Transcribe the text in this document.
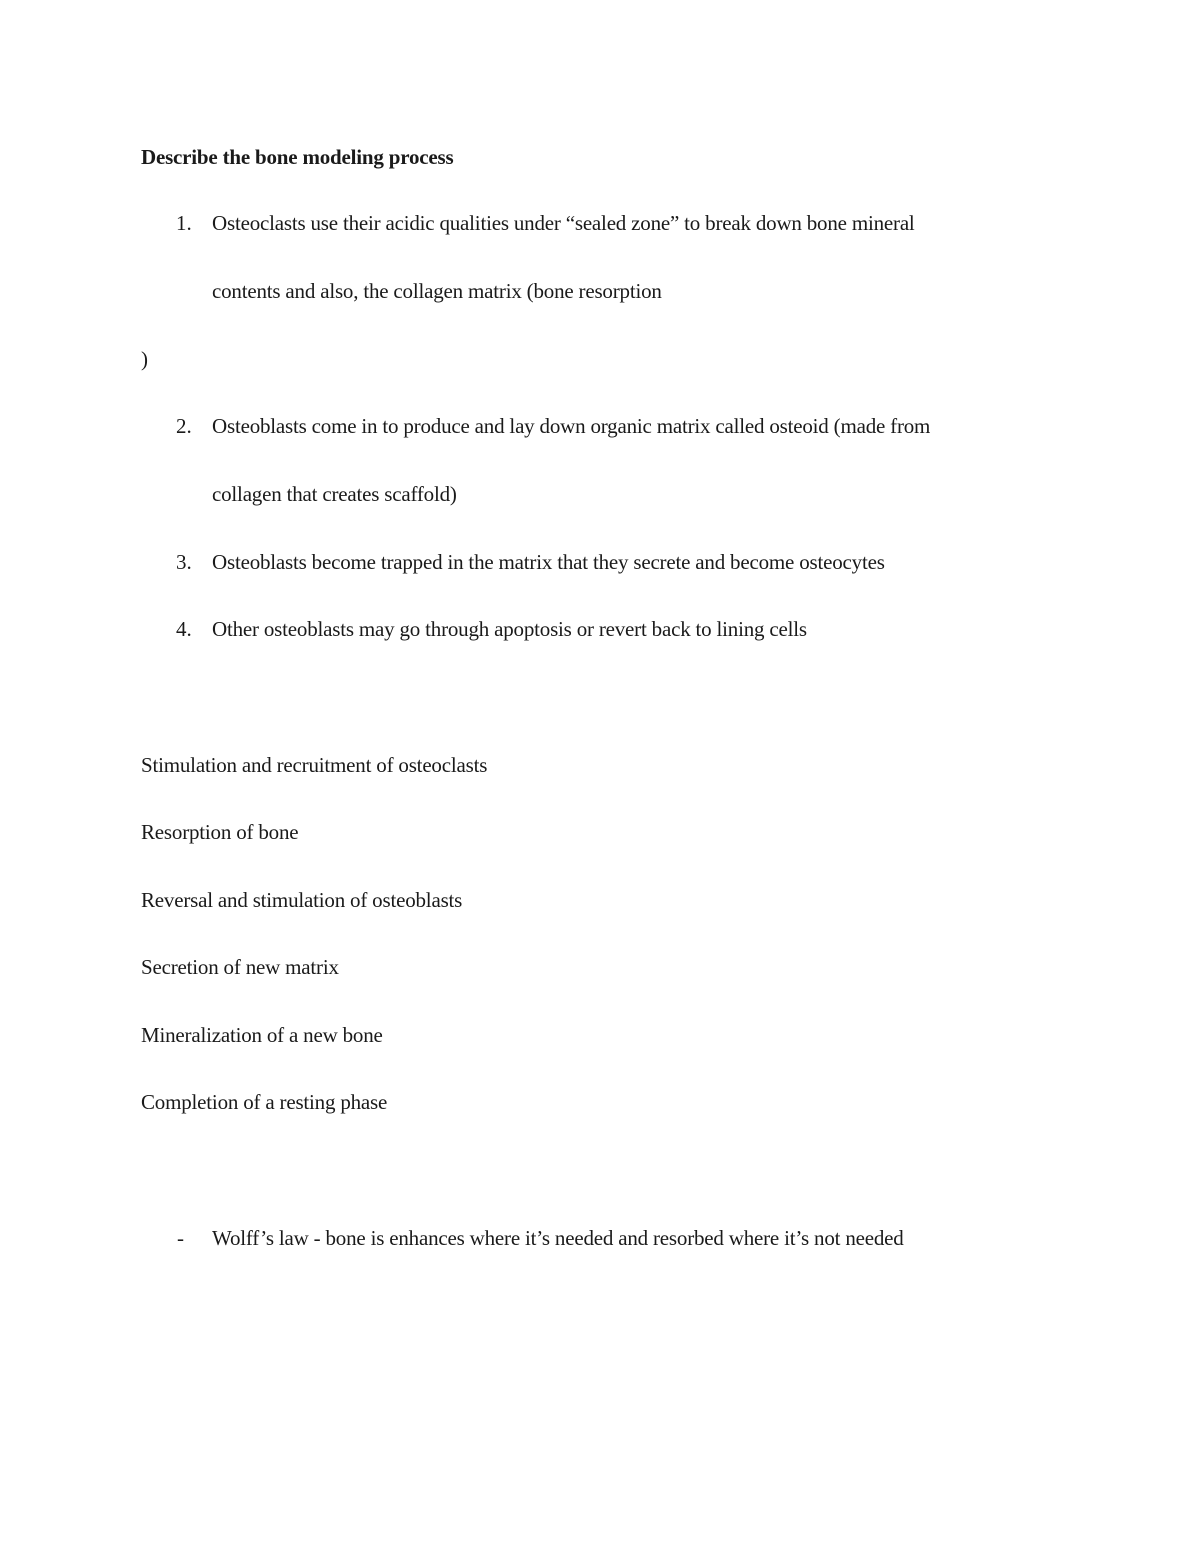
Describe the bone modeling process
1. Osteoclasts use their acidic qualities under “sealed zone” to break down bone mineral
contents and also, the collagen matrix (bone resorption
)
2. Osteoblasts come in to produce and lay down organic matrix called osteoid (made from
collagen that creates scaffold)
3. Osteoblasts become trapped in the matrix that they secrete and become osteocytes
4. Other osteoblasts may go through apoptosis or revert back to lining cells
Stimulation and recruitment of osteoclasts
Resorption of bone
Reversal and stimulation of osteoblasts
Secretion of new matrix
Mineralization of a new bone
Completion of a resting phase
- Wolff’s law - bone is enhances where it’s needed and resorbed where it’s not needed
